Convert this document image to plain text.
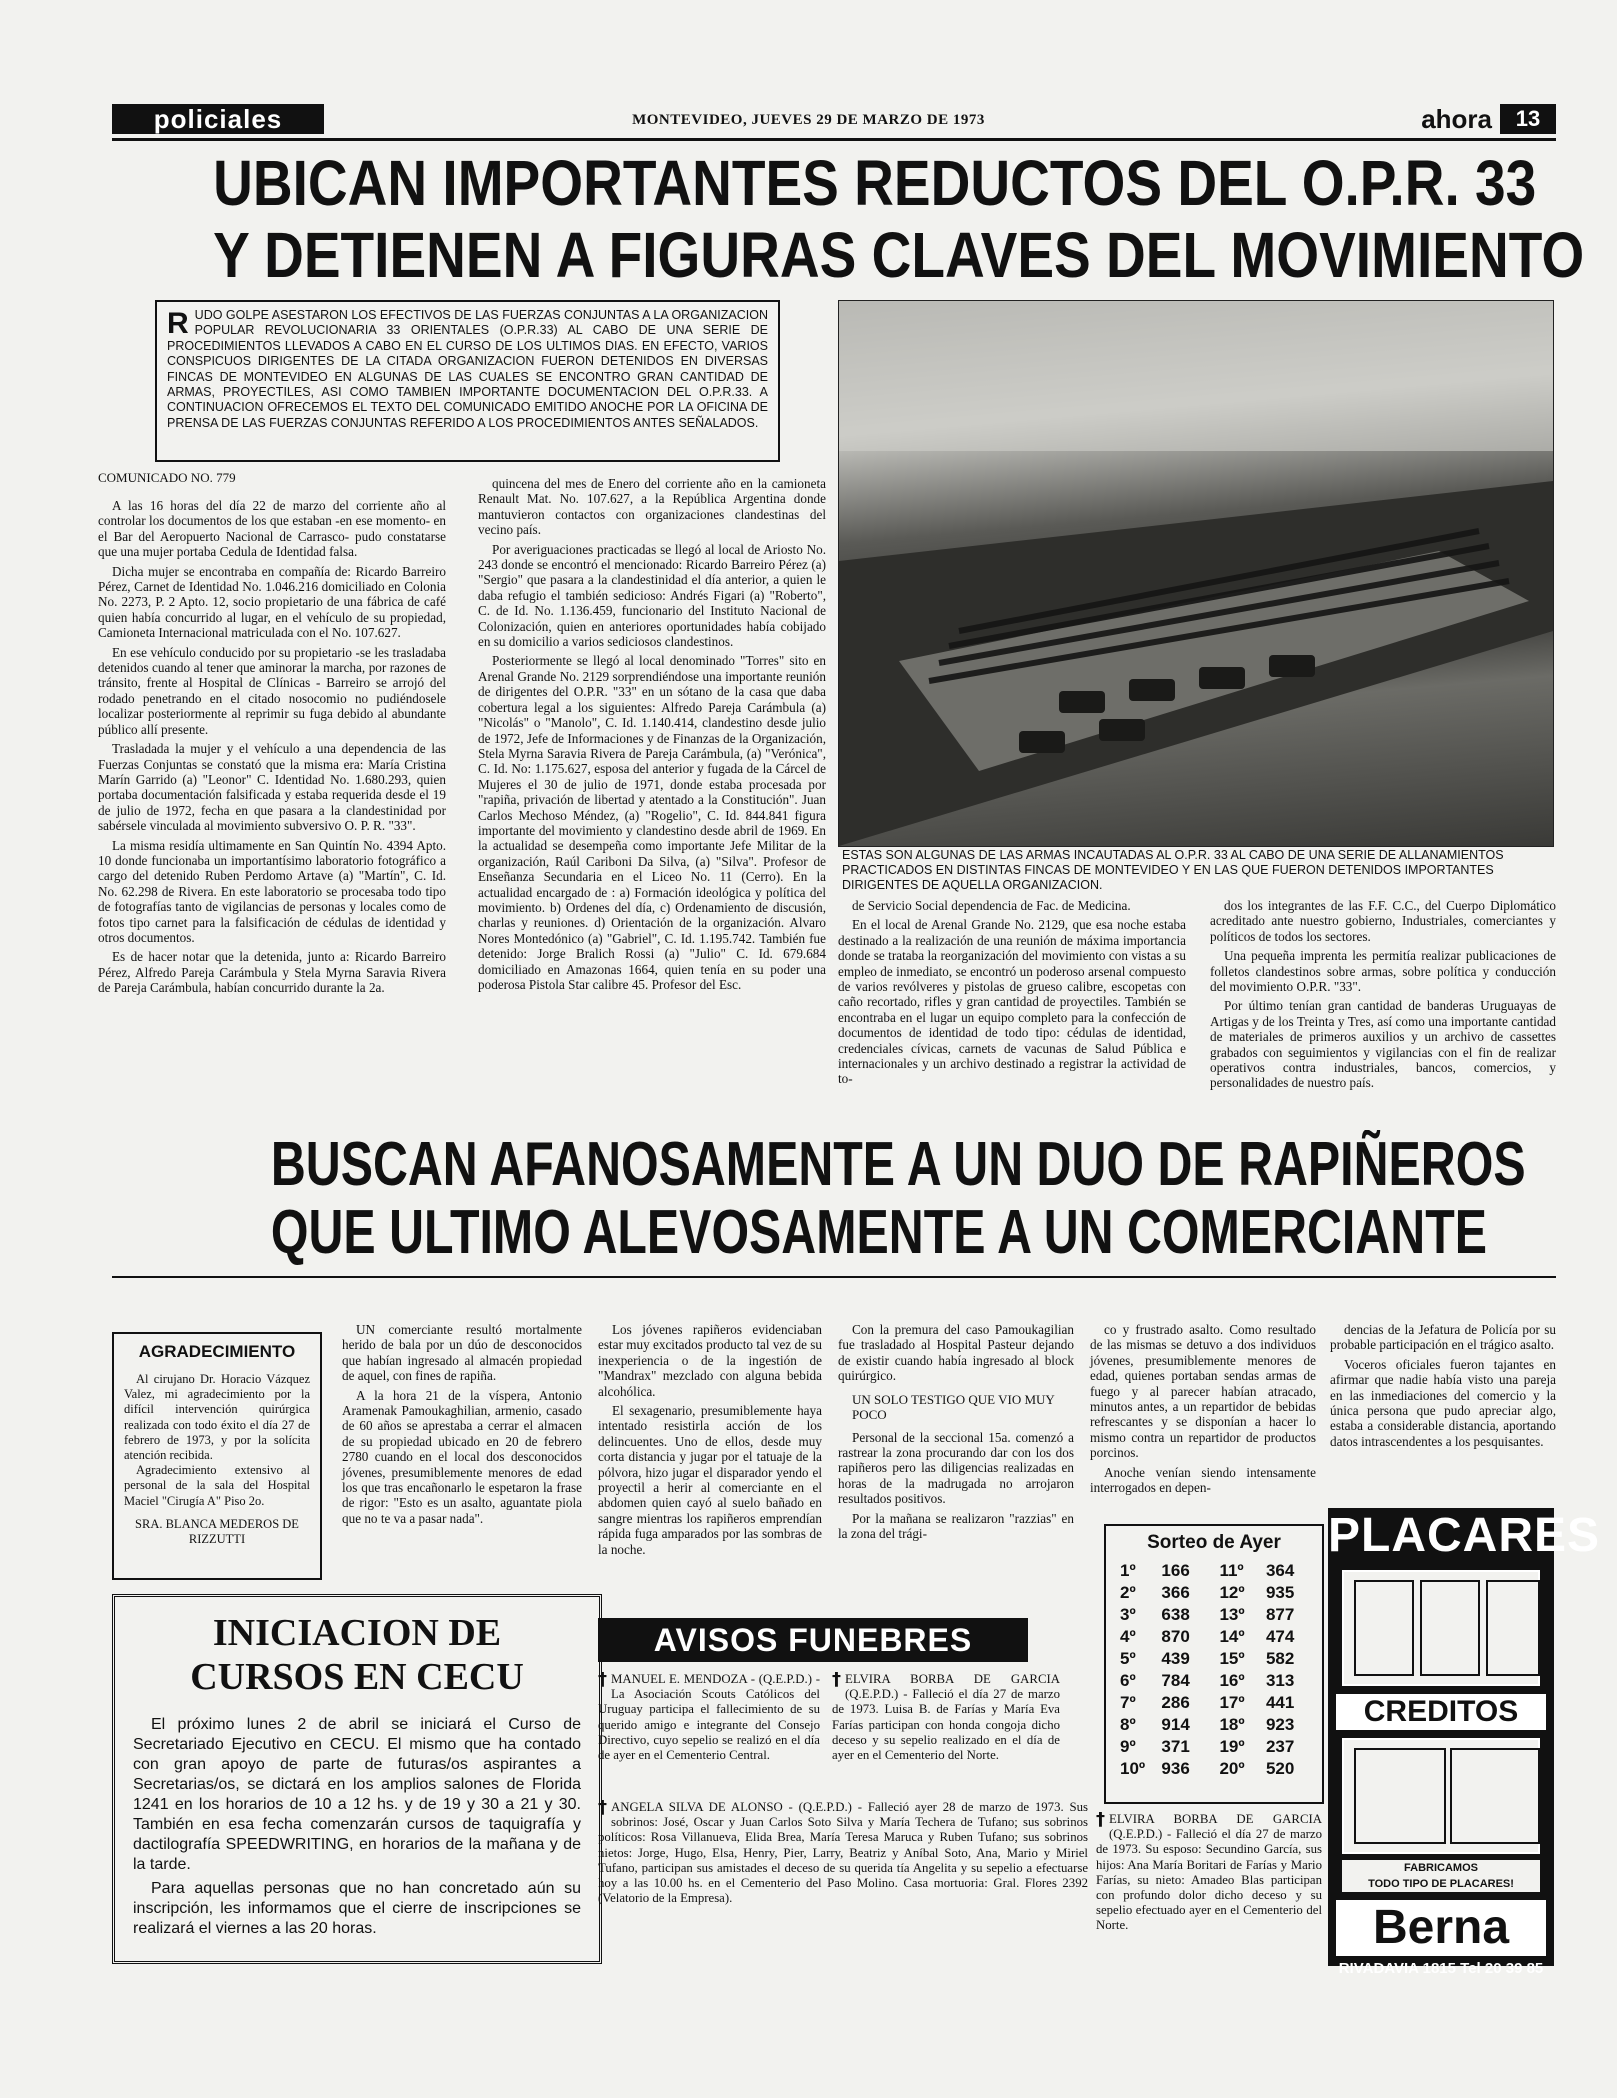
policiales	MONTEVIDEO, JUEVES 29 DE MARZO DE 1973	ahora	13
UBICAN IMPORTANTES REDUCTOS DEL O.P.R. 33
Y DETIENEN A FIGURAS CLAVES DEL MOVIMIENTO
R UDO GOLPE ASESTARON LOS EFECTIVOS DE LAS FUERZAS CONJUNTAS A LA ORGANIZACION POPULAR REVOLUCIONARIA 33 ORIENTALES (O.P.R.33) AL CABO DE UNA SERIE DE PROCEDIMIENTOS LLEVADOS A CABO EN EL CURSO DE LOS ULTIMOS DIAS. EN EFECTO, VARIOS CONSPICUOS DIRIGENTES DE LA CITADA ORGANIZACION FUERON DETENIDOS EN DIVERSAS FINCAS DE MONTEVIDEO EN ALGUNAS DE LAS CUALES SE ENCONTRO GRAN CANTIDAD DE ARMAS, PROYECTILES, ASI COMO TAMBIEN IMPORTANTE DOCUMENTACION DEL O.P.R.33. A CONTINUACION OFRECEMOS EL TEXTO DEL COMUNICADO EMITIDO ANOCHE POR LA OFICINA DE PRENSA DE LAS FUERZAS CONJUNTAS REFERIDO A LOS PROCEDIMIENTOS ANTES SEÑALADOS.
COMUNICADO NO. 779

A las 16 horas del día 22 de marzo del corriente año al controlar los documentos de los que estaban -en ese momento- en el Bar del Aeropuerto Nacional de Carrasco- pudo constatarse que una mujer portaba Cedula de Identidad falsa.

Dicha mujer se encontraba en compañía de: Ricardo Barreiro Pérez, Carnet de Identidad No. 1.046.216 domiciliado en Colonia No. 2273, P. 2 Apto. 12, socio propietario de una fábrica de café quien había concurrido al lugar, en el vehículo de su propiedad, Camioneta Internacional matriculada con el No. 107.627.

En ese vehículo conducido por su propietario -se les trasladaba detenidos cuando al tener que aminorar la marcha, por razones de tránsito, frente al Hospital de Clínicas - Barreiro se arrojó del rodado penetrando en el citado nosocomio no pudiéndosele localizar posteriormente al reprimir su fuga debido al abundante público allí presente.

Trasladada la mujer y el vehículo a una dependencia de las Fuerzas Conjuntas se constató que la misma era: María Cristina Marín Garrido (a) "Leonor" C. Identidad No. 1.680.293, quien portaba documentación falsificada y estaba requerida desde el 19 de julio de 1972, fecha en que pasara a la clandestinidad por sabérsele vinculada al movimiento subversivo O. P. R. "33".

La misma residía ultimamente en San Quintín No. 4394 Apto. 10 donde funcionaba un importantísimo laboratorio fotográfico a cargo del detenido Ruben Perdomo Artave (a) "Martín", C. Id. No. 62.298 de Rivera. En este laboratorio se procesaba todo tipo de fotografías tanto de vigilancias de personas y locales como de fotos tipo carnet para la falsificación de cédulas de identidad y otros documentos.

Es de hacer notar que la detenida, junto a: Ricardo Barreiro Pérez, Alfredo Pareja Carámbula y Stela Myrna Saravia Rivera de Pareja Carámbula, habían concurrido durante la 2a.

quincena del mes de Enero del corriente año en la camioneta Renault Mat. No. 107.627, a la República Argentina donde mantuvieron contactos con organizaciones clandestinas del vecino país.

Por averiguaciones practicadas se llegó al local de Ariosto No. 243 donde se encontró el mencionado: Ricardo Barreiro Pérez (a) "Sergio" que pasara a la clandestinidad el día anterior, a quien le daba refugio el también sedicioso: Andrés Figari (a) "Roberto", C. de Id. No. 1.136.459, funcionario del Instituto Nacional de Colonización, quien en anteriores oportunidades había cobijado en su domicilio a varios sediciosos clandestinos.

Posteriormente se llegó al local denominado "Torres" sito en Arenal Grande No. 2129 sorprendiéndose una importante reunión de dirigentes del O.P.R. "33" en un sótano de la casa que daba cobertura legal a los siguientes: Alfredo Pareja Carámbula (a) "Nicolás" o "Manolo", C. Id. 1.140.414, clandestino desde julio de 1972, Jefe de Informaciones y de Finanzas de la Organización, Stela Myrna Saravia Rivera de Pareja Carámbula, (a) "Verónica", C. Id. No: 1.175.627, esposa del anterior y fugada de la Cárcel de Mujeres el 30 de julio de 1971, donde estaba procesada por "rapiña, privación de libertad y atentado a la Constitución". Juan Carlos Mechoso Méndez, (a) "Rogelio", C. Id. 844.841 figura importante del movimiento y clandestino desde abril de 1969. En la actualidad se desempeña como importante Jefe Militar de la organización, Raúl Cariboni Da Silva, (a) "Silva". Profesor de Enseñanza Secundaria en el Liceo No. 11 (Cerro). En la actualidad encargado de : a) Formación ideológica y política del movimiento. b) Ordenes del día, c) Ordenamiento de discusión, charlas y reuniones. d) Orientación de la organización. Alvaro Nores Montedónico (a) "Gabriel", C. Id. 1.195.742. También fue detenido: Jorge Bralich Rossi (a) "Julio" C. Id. 679.684 domiciliado en Amazonas 1664, quien tenía en su poder una poderosa Pistola Star calibre 45. Profesor del Esc.

ESTAS SON ALGUNAS DE LAS ARMAS INCAUTADAS AL O.P.R. 33 AL CABO DE UNA SERIE DE ALLANAMIENTOS PRACTICADOS EN DISTINTAS FINCAS DE MONTEVIDEO Y EN LAS QUE FUERON DETENIDOS IMPORTANTES DIRIGENTES DE AQUELLA ORGANIZACION.

de Servicio Social dependencia de Fac. de Medicina.

En el local de Arenal Grande No. 2129, que esa noche estaba destinado a la realización de una reunión de máxima importancia donde se trataba la reorganización del movimiento con vistas a su empleo de inmediato, se encontró un poderoso arsenal compuesto de varios revólveres y pistolas de grueso calibre, escopetas con caño recortado, rifles y gran cantidad de proyectiles. También se encontraba en el lugar un equipo completo para la confección de documentos de identidad de todo tipo: cédulas de identidad, credenciales cívicas, carnets de vacunas de Salud Pública e internacionales y un archivo destinado a registrar la actividad de to-

dos los integrantes de las F.F. C.C., del Cuerpo Diplomático acreditado ante nuestro gobierno, Industriales, comerciantes y políticos de todos los sectores.

Una pequeña imprenta les permitía realizar publicaciones de folletos clandestinos sobre armas, sobre política y conducción del movimiento O.P.R. "33".

Por último tenían gran cantidad de banderas Uruguayas de Artigas y de los Treinta y Tres, así como una importante cantidad de materiales de primeros auxilios y un archivo de cassettes grabados con seguimientos y vigilancias con el fin de realizar operativos contra industriales, bancos, comercios, y personalidades de nuestro país.

BUSCAN AFANOSAMENTE A UN DUO DE RAPIÑEROS
QUE ULTIMO ALEVOSAMENTE A UN COMERCIANTE
AGRADECIMIENTO
Al cirujano Dr. Horacio Vázquez Valez, mi agradecimiento por la difícil intervención quirúrgica realizada con todo éxito el día 27 de febrero de 1973, y por la solícita atención recibida.
Agradecimiento extensivo al personal de la sala del Hospital Maciel "Cirugía A" Piso 2o.
SRA. BLANCA MEDEROS DE RIZZUTTI

UN comerciante resultó mortalmente herido de bala por un dúo de desconocidos que habían ingresado al almacén propiedad de aquel, con fines de rapiña.

A la hora 21 de la víspera, Antonio Aramenak Pamoukaghilian, armenio, casado de 60 años se aprestaba a cerrar el almacen de su propiedad ubicado en 20 de febrero 2780 cuando en el local dos desconocidos jóvenes, presumiblemente menores de edad los que tras encañonarlo le espetaron la frase de rigor: "Esto es un asalto, aguantate piola que no te va a pasar nada".

Los jóvenes rapiñeros evidenciaban estar muy excitados producto tal vez de su inexperiencia o de la ingestión de "Mandrax" mezclado con alguna bebida alcohólica.

El sexagenario, presumiblemente haya intentado resistirla acción de los delincuentes. Uno de ellos, desde muy corta distancia y jugar por el tatuaje de la pólvora, hizo jugar el disparador yendo el proyectil a herir al comerciante en el abdomen quien cayó al suelo bañado en sangre mientras los rapiñeros emprendían rápida fuga amparados por las sombras de la noche.

Con la premura del caso Pamoukagilian fue trasladado al Hospital Pasteur dejando de existir cuando había ingresado al block quirúrgico.

UN SOLO TESTIGO QUE VIO MUY POCO

Personal de la seccional 15a. comenzó a rastrear la zona procurando dar con los dos rapiñeros pero las diligencias realizadas en horas de la madrugada no arrojaron resultados positivos.

Por la mañana se realizaron "razzias" en la zona del trági-

co y frustrado asalto. Como resultado de las mismas se detuvo a dos individuos jóvenes, presumiblemente menores de edad, quienes portaban sendas armas de fuego y al parecer habían atracado, minutos antes, a un repartidor de bebidas refrescantes y se disponían a hacer lo mismo contra un repartidor de productos porcinos.

Anoche venían siendo intensamente interrogados en depen-

dencias de la Jefatura de Policía por su probable participación en el trágico asalto.

Voceros oficiales fueron tajantes en afirmar que nadie había visto una pareja en las inmediaciones del comercio y la única persona que pudo apreciar algo, estaba a considerable distancia, aportando datos intrascendentes a los pesquisantes.

INICIACION DE CURSOS EN CECU

El próximo lunes 2 de abril se iniciará el Curso de Secretariado Ejecutivo en CECU. El mismo que ha contado con gran apoyo de parte de futuras/os aspirantes a Secretarias/os, se dictará en los amplios salones de Florida 1241 en los horarios de 10 a 12 hs. y de 19 y 30 a 21 y 30. También en esa fecha comenzarán cursos de taquigrafía y dactilografía SPEEDWRITING, en horarios de la mañana y de la tarde.

Para aquellas personas que no han concretado aún su inscripción, les informamos que el cierre de inscripciones se realizará el viernes a las 20 horas.

AVISOS FUNEBRES
† MANUEL E. MENDOZA - (Q.E.P.D.) - La Asociación Scouts Católicos del Uruguay participa el fallecimiento de su querido amigo e integrante del Consejo Directivo, cuyo sepelio se realizó en el día de ayer en el Cementerio Central.
† ELVIRA BORBA DE GARCIA (Q.E.P.D.) - Falleció el día 27 de marzo de 1973. Luisa B. de Farías y María Eva Farías participan con honda congoja dicho deceso y su sepelio realizado en el día de ayer en el Cementerio del Norte.
† ANGELA SILVA DE ALONSO - (Q.E.P.D.) - Falleció ayer 28 de marzo de 1973. Sus sobrinos: José, Oscar y Juan Carlos Soto Silva y María Techera de Tufano; sus sobrinos políticos: Rosa Villanueva, Elida Brea, María Teresa Maruca y Ruben Tufano; sus sobrinos nietos: Jorge, Hugo, Elsa, Henry, Pier, Larry, Beatriz y Aníbal Soto, Ana, Mario y Miriel Tufano, participan sus amistades el deceso de su querida tía Angelita y su sepelio a efectuarse hoy a las 10.00 hs. en el Cementerio del Paso Molino. Casa mortuoria: Gral. Flores 2392 (Velatorio de la Empresa).
† ELVIRA BORBA DE GARCIA (Q.E.P.D.) - Falleció el día 27 de marzo de 1973. Su esposo: Secundino García, sus hijos: Ana María Boritari de Farías y Mario Farías, su nieto: Amadeo Blas participan con profundo dolor dicho deceso y su sepelio efectuado ayer en el Cementerio del Norte.
Sorteo de Ayer
1º	166	11º	364
2º	366	12º	935
3º	638	13º	877
4º	870	14º	474
5º	439	15º	582
6º	784	16º	313
7º	286	17º	441
8º	914	18º	923
9º	371	19º	237
10º	936	20º	520
PLACARES
CREDITOS
FABRICAMOS
TODO TIPO DE PLACARES!
Berna
RIVADAVIA 1815 Tel 20 39 85
